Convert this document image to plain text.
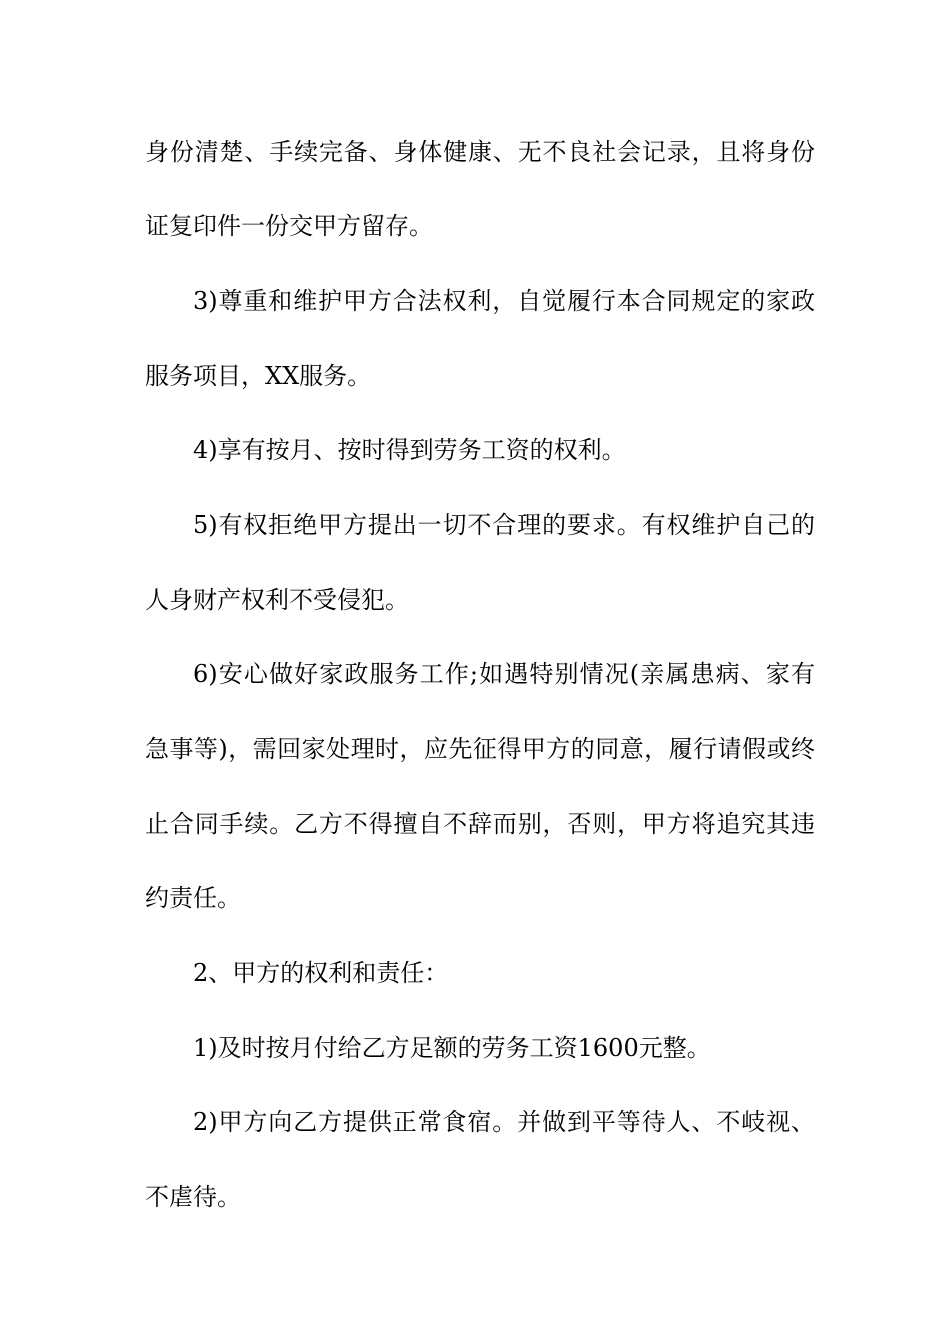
身份清楚、手续完备、身体健康、无不良社会记录，且将身份
证复印件一份交甲方留存。
3)尊重和维护甲方合法权利，自觉履行本合同规定的家政
服务项目，XX服务。
4)享有按月、按时得到劳务工资的权利。
5)有权拒绝甲方提出一切不合理的要求。有权维护自己的
人身财产权利不受侵犯。
6)安心做好家政服务工作;如遇特别情况(亲属患病、家有
急事等)，需回家处理时，应先征得甲方的同意，履行请假或终
止合同手续。乙方不得擅自不辞而别，否则，甲方将追究其违
约责任。
2、甲方的权利和责任：
1)及时按月付给乙方足额的劳务工资1600元整。
2)甲方向乙方提供正常食宿。并做到平等待人、不岐视、
不虐待。
